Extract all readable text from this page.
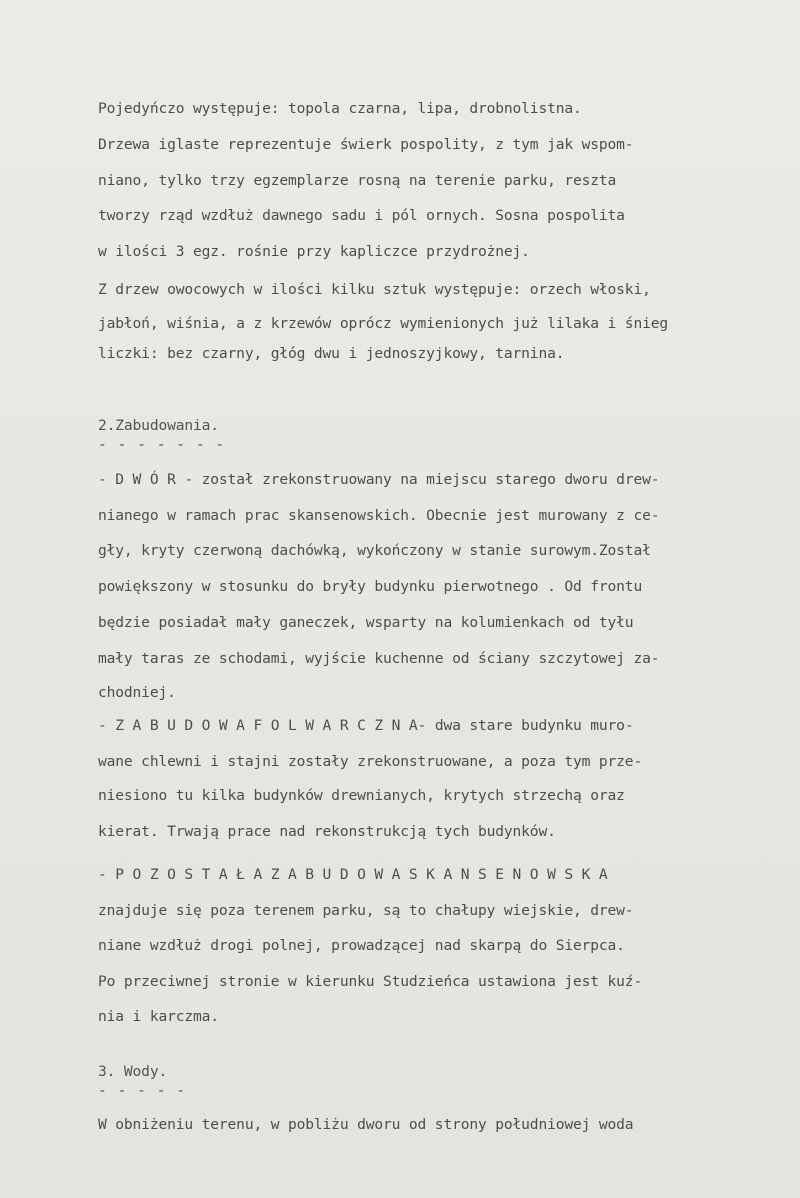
Pojedyńczo występuje: topola czarna, lipa, drobnolistna.
Drzewa iglaste reprezentuje świerk pospolity, z tym jak wspom-
niano, tylko trzy egzemplarze rosną na terenie parku, reszta
tworzy rząd wzdłuż dawnego sadu i pól ornych. Sosna pospolita
w ilości 3 egz. rośnie przy kapliczce przydrożnej.
Z drzew owocowych w ilości kilku sztuk występuje: orzech włoski,
jabłoń, wiśnia, a z krzewów oprócz wymienionych już lilaka i śnieg
liczki: bez czarny, głóg dwu i jednoszyjkowy, tarnina.
2.Zabudowania.
- - - - - - -
- D W Ó R - został zrekonstruowany na miejscu starego dworu drew-
nianego w ramach prac skansenowskich. Obecnie jest murowany z ce-
gły, kryty czerwoną dachówką, wykończony w stanie surowym.Został
powiększony w stosunku do bryły budynku pierwotnego . Od frontu
będzie posiadał mały ganeczek, wsparty na kolumienkach od tyłu
mały taras ze schodami, wyjście kuchenne od ściany szczytowej za-
chodniej.
- Z A B U D O W A F O L W A R C Z N A- dwa stare budynku muro-
wane chlewni i stajni zostały zrekonstruowane, a poza tym prze-
niesiono tu kilka budynków drewnianych, krytych strzechą oraz
kierat. Trwają prace nad rekonstrukcją tych budynków.
- P O Z O S T A Ł A Z A B U D O W A S K A N S E N O W S K A
znajduje się poza terenem parku, są to chałupy wiejskie, drew-
niane wzdłuż drogi polnej, prowadzącej nad skarpą do Sierpca.
Po przeciwnej stronie w kierunku Studzieńca ustawiona jest kuź-
nia i karczma.
3. Wody.
- - - - -
W obniżeniu terenu, w pobliżu dworu od strony południowej woda
